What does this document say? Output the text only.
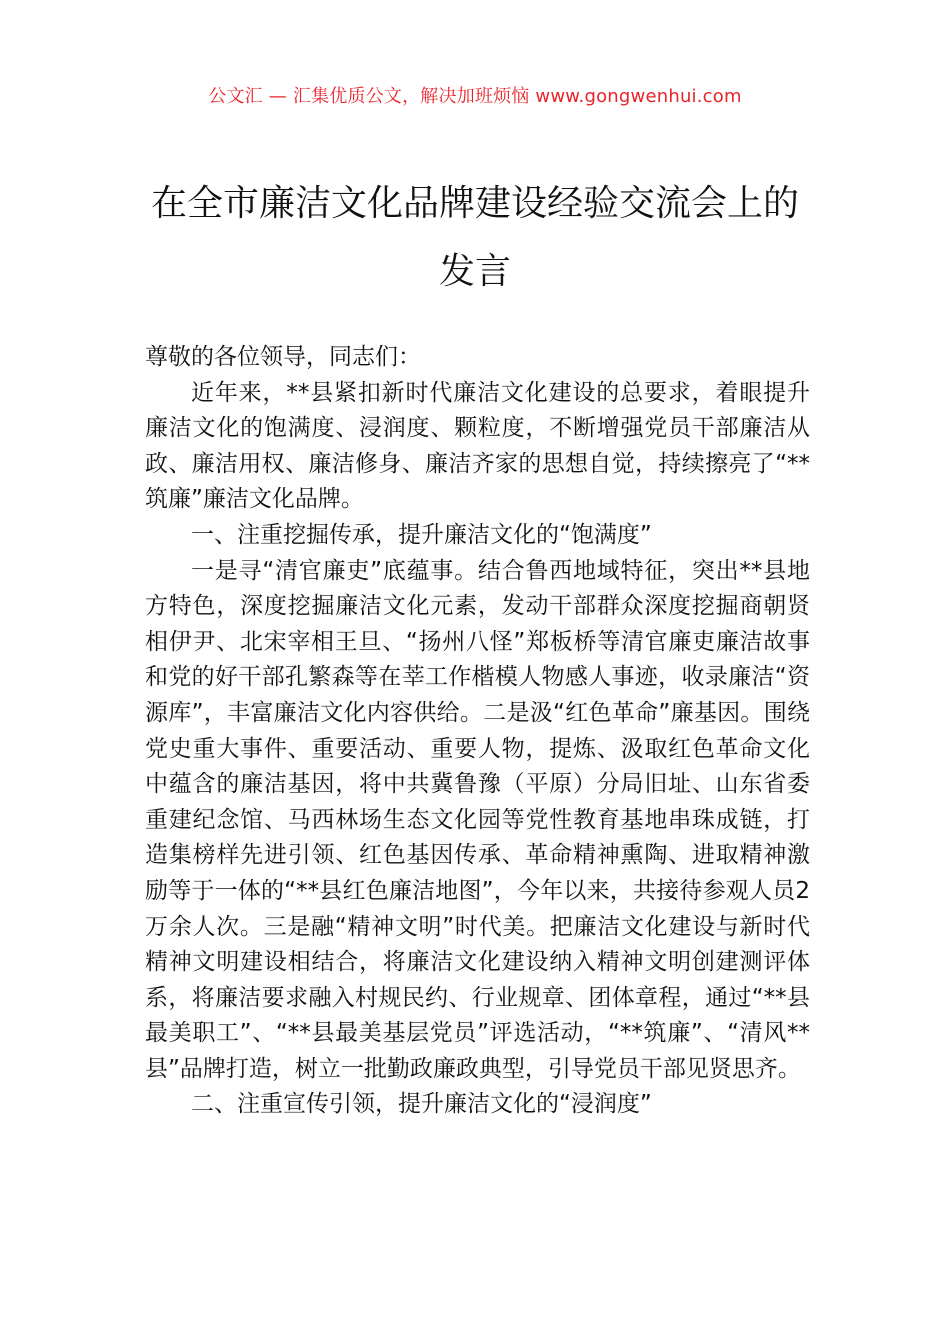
公文汇 — 汇集优质公文，解决加班烦恼 www.gongwenhui.com
在全市廉洁文化品牌建设经验交流会上的
发言

尊敬的各位领导，同志们：

近年来，**县紧扣新时代廉洁文化建设的总要求，着眼提升廉洁文化的饱满度、浸润度、颗粒度，不断增强党员干部廉洁从政、廉洁用权、廉洁修身、廉洁齐家的思想自觉，持续擦亮了“**筑廉”廉洁文化品牌。

一、注重挖掘传承，提升廉洁文化的“饱满度”

一是寻“清官廉吏”底蕴事。结合鲁西地域特征，突出**县地方特色，深度挖掘廉洁文化元素，发动干部群众深度挖掘商朝贤相伊尹、北宋宰相王旦、“扬州八怪”郑板桥等清官廉吏廉洁故事和党的好干部孔繁森等在莘工作楷模人物感人事迹，收录廉洁“资源库”，丰富廉洁文化内容供给。二是汲“红色革命”廉基因。围绕党史重大事件、重要活动、重要人物，提炼、汲取红色革命文化中蕴含的廉洁基因，将中共冀鲁豫（平原）分局旧址、山东省委重建纪念馆、马西林场生态文化园等党性教育基地串珠成链，打造集榜样先进引领、红色基因传承、革命精神熏陶、进取精神激励等于一体的“**县红色廉洁地图”，今年以来，共接待参观人员2万余人次。三是融“精神文明”时代美。把廉洁文化建设与新时代精神文明建设相结合，将廉洁文化建设纳入精神文明创建测评体系，将廉洁要求融入村规民约、行业规章、团体章程，通过“**县最美职工”、“**县最美基层党员”评选活动，“**筑廉”、“清风**县”品牌打造，树立一批勤政廉政典型，引导党员干部见贤思齐。

二、注重宣传引领，提升廉洁文化的“浸润度”
